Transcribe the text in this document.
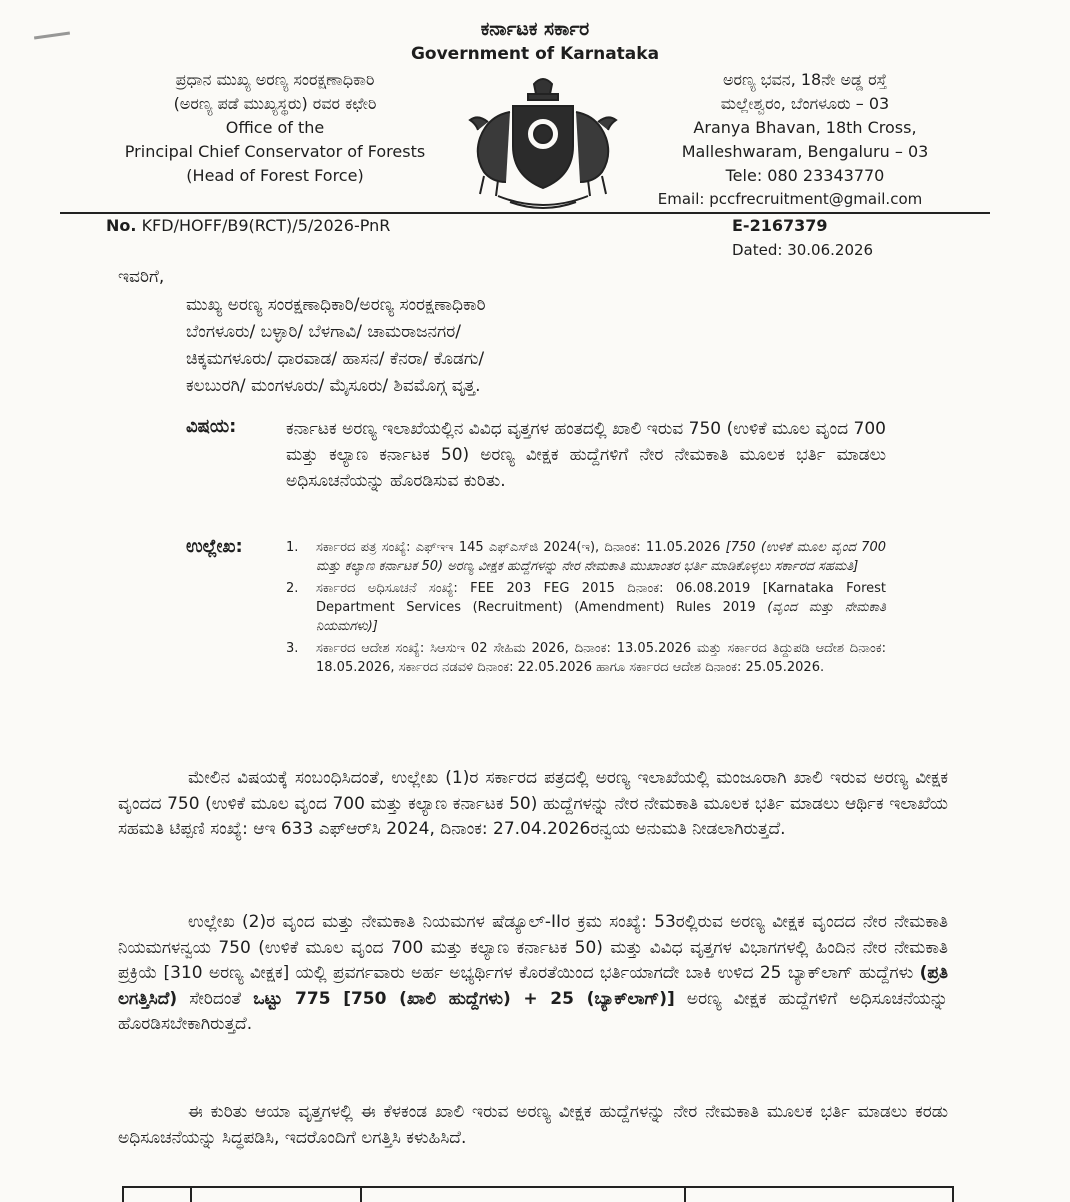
ಕರ್ನಾಟಕ ಸರ್ಕಾರ
Government of Karnataka
ಪ್ರಧಾನ ಮುಖ್ಯ ಅರಣ್ಯ ಸಂರಕ್ಷಣಾಧಿಕಾರಿ
(ಅರಣ್ಯ ಪಡೆ ಮುಖ್ಯಸ್ಥರು) ರವರ ಕಛೇರಿ
Office of the
Principal Chief Conservator of Forests
(Head of Forest Force)
ಅರಣ್ಯ ಭವನ, 18ನೇ ಅಡ್ಡ ರಸ್ತೆ
ಮಲ್ಲೇಶ್ವರಂ, ಬೆಂಗಳೂರು – 03
Aranya Bhavan, 18th Cross,
Malleshwaram, Bengaluru – 03
Tele: 080 23343770
Email: pccfrecruitment@gmail.com
No. KFD/HOFF/B9(RCT)/5/2026-PnR	E-2167379
Dated: 30.06.2026
ಇವರಿಗೆ,
ಮುಖ್ಯ ಅರಣ್ಯ ಸಂರಕ್ಷಣಾಧಿಕಾರಿ/ಅರಣ್ಯ ಸಂರಕ್ಷಣಾಧಿಕಾರಿ
ಬೆಂಗಳೂರು/ ಬಳ್ಳಾರಿ/ ಬೆಳಗಾವಿ/ ಚಾಮರಾಜನಗರ/
ಚಿಕ್ಕಮಗಳೂರು/ ಧಾರವಾಡ/ ಹಾಸನ/ ಕೆನರಾ/ ಕೊಡಗು/
ಕಲಬುರಗಿ/ ಮಂಗಳೂರು/ ಮೈಸೂರು/ ಶಿವಮೊಗ್ಗ ವೃತ್ತ.
ವಿಷಯ:	ಕರ್ನಾಟಕ ಅರಣ್ಯ ಇಲಾಖೆಯಲ್ಲಿನ ವಿವಿಧ ವೃತ್ತಗಳ ಹಂತದಲ್ಲಿ ಖಾಲಿ ಇರುವ 750 (ಉಳಿಕೆ ಮೂಲ ವೃಂದ 700 ಮತ್ತು ಕಲ್ಯಾಣ ಕರ್ನಾಟಕ 50) ಅರಣ್ಯ ವೀಕ್ಷಕ ಹುದ್ದೆಗಳಿಗೆ ನೇರ ನೇಮಕಾತಿ ಮೂಲಕ ಭರ್ತಿ ಮಾಡಲು ಅಧಿಸೂಚನೆಯನ್ನು ಹೊರಡಿಸುವ ಕುರಿತು.
ಉಲ್ಲೇಖ:	1.	ಸರ್ಕಾರದ ಪತ್ರ ಸಂಖ್ಯೆ: ಎಫ್‌ಇಇ 145 ಎಫ್‌ಎಸ್‌ಜಿ 2024(ಇ), ದಿನಾಂಕ: 11.05.2026 [750 (ಉಳಿಕೆ ಮೂಲ ವೃಂದ 700 ಮತ್ತು ಕಲ್ಯಾಣ ಕರ್ನಾಟಕ 50) ಅರಣ್ಯ ವೀಕ್ಷಕ ಹುದ್ದೆಗಳನ್ನು ನೇರ ನೇಮಕಾತಿ ಮುಖಾಂತರ ಭರ್ತಿ ಮಾಡಿಕೊಳ್ಳಲು ಸರ್ಕಾರದ ಸಹಮತಿ]
2.	ಸರ್ಕಾರದ ಅಧಿಸೂಚನೆ ಸಂಖ್ಯೆ: FEE 203 FEG 2015 ದಿನಾಂಕ: 06.08.2019 [Karnataka Forest Department Services (Recruitment) (Amendment) Rules 2019 (ವೃಂದ ಮತ್ತು ನೇಮಕಾತಿ ನಿಯಮಗಳು)]
3.	ಸರ್ಕಾರದ ಆದೇಶ ಸಂಖ್ಯೆ: ಸಿಆಸುಇ 02 ಸೇಹಿಮ 2026, ದಿನಾಂಕ: 13.05.2026 ಮತ್ತು ಸರ್ಕಾರದ ತಿದ್ದುಪಡಿ ಆದೇಶ ದಿನಾಂಕ: 18.05.2026, ಸರ್ಕಾರದ ನಡವಳಿ ದಿನಾಂಕ: 22.05.2026 ಹಾಗೂ ಸರ್ಕಾರದ ಆದೇಶ ದಿನಾಂಕ: 25.05.2026.
ಮೇಲಿನ ವಿಷಯಕ್ಕೆ ಸಂಬಂಧಿಸಿದಂತೆ, ಉಲ್ಲೇಖ (1)ರ ಸರ್ಕಾರದ ಪತ್ರದಲ್ಲಿ ಅರಣ್ಯ ಇಲಾಖೆಯಲ್ಲಿ ಮಂಜೂರಾಗಿ ಖಾಲಿ ಇರುವ ಅರಣ್ಯ ವೀಕ್ಷಕ ವೃಂದದ 750 (ಉಳಿಕೆ ಮೂಲ ವೃಂದ 700 ಮತ್ತು ಕಲ್ಯಾಣ ಕರ್ನಾಟಕ 50) ಹುದ್ದೆಗಳನ್ನು ನೇರ ನೇಮಕಾತಿ ಮೂಲಕ ಭರ್ತಿ ಮಾಡಲು ಆರ್ಥಿಕ ಇಲಾಖೆಯ ಸಹಮತಿ ಟಿಪ್ಪಣಿ ಸಂಖ್ಯೆ: ಆಇ 633 ಎಫ್‌ಆರ್‌ಸಿ 2024, ದಿನಾಂಕ: 27.04.2026ರನ್ವಯ ಅನುಮತಿ ನೀಡಲಾಗಿರುತ್ತದೆ.
ಉಲ್ಲೇಖ (2)ರ ವೃಂದ ಮತ್ತು ನೇಮಕಾತಿ ನಿಯಮಗಳ ಷೆಡ್ಯೂಲ್-IIರ ಕ್ರಮ ಸಂಖ್ಯೆ: 53ರಲ್ಲಿರುವ ಅರಣ್ಯ ವೀಕ್ಷಕ ವೃಂದದ ನೇರ ನೇಮಕಾತಿ ನಿಯಮಗಳನ್ವಯ 750 (ಉಳಿಕೆ ಮೂಲ ವೃಂದ 700 ಮತ್ತು ಕಲ್ಯಾಣ ಕರ್ನಾಟಕ 50) ಮತ್ತು ವಿವಿಧ ವೃತ್ತಗಳ ವಿಭಾಗಗಳಲ್ಲಿ ಹಿಂದಿನ ನೇರ ನೇಮಕಾತಿ ಪ್ರಕ್ರಿಯೆ [310 ಅರಣ್ಯ ವೀಕ್ಷಕ] ಯಲ್ಲಿ ಪ್ರವರ್ಗವಾರು ಅರ್ಹ ಅಭ್ಯರ್ಥಿಗಳ ಕೊರತೆಯಿಂದ ಭರ್ತಿಯಾಗದೇ ಬಾಕಿ ಉಳಿದ 25 ಬ್ಯಾಕ್‌ಲಾಗ್ ಹುದ್ದೆಗಳು (ಪ್ರತಿ ಲಗತ್ತಿಸಿದೆ) ಸೇರಿದಂತೆ ಒಟ್ಟು 775 [750 (ಖಾಲಿ ಹುದ್ದೆಗಳು) + 25 (ಬ್ಯಾಕ್‌ಲಾಗ್)] ಅರಣ್ಯ ವೀಕ್ಷಕ ಹುದ್ದೆಗಳಿಗೆ ಅಧಿಸೂಚನೆಯನ್ನು ಹೊರಡಿಸಬೇಕಾಗಿರುತ್ತದೆ.
ಈ ಕುರಿತು ಆಯಾ ವೃತ್ತಗಳಲ್ಲಿ ಈ ಕೆಳಕಂಡ ಖಾಲಿ ಇರುವ ಅರಣ್ಯ ವೀಕ್ಷಕ ಹುದ್ದೆಗಳನ್ನು ನೇರ ನೇಮಕಾತಿ ಮೂಲಕ ಭರ್ತಿ ಮಾಡಲು ಕರಡು ಅಧಿಸೂಚನೆಯನ್ನು ಸಿದ್ಧಪಡಿಸಿ, ಇದರೊಂದಿಗೆ ಲಗತ್ತಿಸಿ ಕಳುಹಿಸಿದೆ.
